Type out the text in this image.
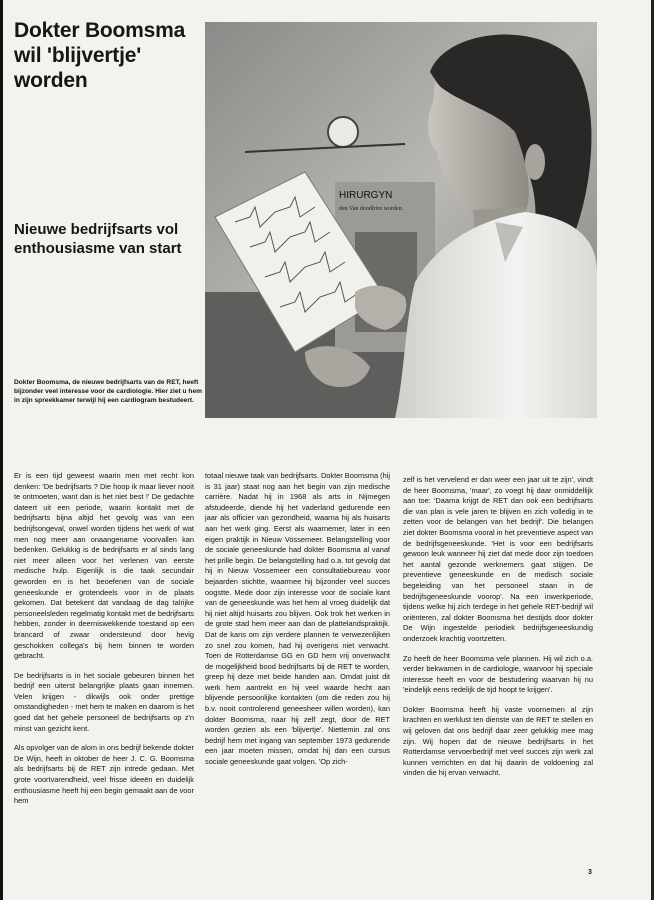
Dokter Boomsma wil 'blijvertje' worden
Nieuwe bedrijfsarts vol enthousiasme van start

Dokter Boomsma, de nieuwe bedrijfsarts van de RET, heeft bijzonder veel interesse voor de cardiologie. Hier ziet u hem in zijn spreekkamer terwijl hij een cardiogram bestudeert.

HIRURGYN
den Van doodfrire worden.

Er is een tijd geweest waarin men met recht kon denken: 'De bedrijfsarts ? Die hoop ik maar liever nooit te ontmoeten, want dan is het niet best !' De gedachte dateert uit een periode, waarin kontakt met de bedrijfsarts bijna altijd het gevolg was van een bedrijfsongeval, onwel worden tijdens het werk of wat men nog meer aan onaangename voorvallen kan bedenken. Gelukkig is de bedrijfsarts er al sinds lang niet meer alleen voor het verlenen van eerste medische hulp. Eigenlijk is die taak secundair geworden en is het beoefenen van de sociale geneeskunde er grotendeels voor in de plaats gekomen. Dat betekent dat vandaag de dag talrijke personeelsleden regelmatig kontakt met de bedrijfsarts hebben, zonder in deerniswekkende toestand op een brancard of zwaar ondersteund door hevig geschokken collega's bij hem binnen te worden gebracht.

De bedrijfsarts is in het sociale gebeuren binnen het bedrijf een uiterst belangrijke plaats gaan innemen. Velen krijgen - dikwijls ook onder prettige omstandigheden - met hem te maken en daarom is het goed dat het gehele personeel de bedrijfsarts op z'n minst van gezicht kent.

Als opvolger van de alom in ons bedrijf bekende dokter De Wijn, heeft in oktober de heer J. C. G. Boomsma als bedrijfsarts bij de RET zijn intrede gedaan. Met grote voortvarendheid, veel frisse ideeën en duidelijk enthousiasme heeft hij een begin gemaakt aan de voor hem

totaal nieuwe taak van bedrijfsarts. Dokter Boomsma (hij is 31 jaar) staat nog aan het begin van zijn medische carrière. Nadat hij in 1968 als arts in Nijmegen afstudeerde, diende hij het vaderland gedurende een jaar als officier van gezondheid, waarna hij als huisarts aan het werk ging. Eerst als waarnemer, later in een eigen praktijk in Nieuw Vossemeer. Belangstelling voor de sociale geneeskunde had dokter Boomsma al vanaf het prille begin. De belangstelling had o.a. tot gevolg dat hij in Nieuw Vossemeer een consultatiebureau voor bejaarden stichtte, waarmee hij bijzonder veel succes oogstte. Mede door zijn interesse voor de sociale kant van de geneeskunde was het hem al vroeg duidelijk dat hij niet altijd huisarts zou blijven. Ook trok het werken in de grote stad hem meer aan dan de plattelandspraktijk. Dat de kans om zijn verdere plannen te verwezenlijken zo snel zou komen, had hij overigens niet verwacht. Toen de Rotterdamse GG en GD hem vrij onverwacht de mogelijkheid bood bedrijfsarts bij de RET te worden, greep hij deze met beide handen aan. Omdat juist dit werk hem aantrekt en hij veel waarde hecht aan blijvende persoonlijke kontakten (om die reden zou hij b.v. nooit controlerend geneesheer willen worden), kan dokter Boomsma, naar hij zelf zegt, door de RET worden gezien als een 'blijvertje'. Niettemin zal ons bedrijf hem met ingang van september 1973 gedurende een jaar moeten missen, omdat hij dan een cursus sociale geneeskunde gaat volgen. 'Op zich-

zelf is het vervelend er dan weer een jaar uit te zijn', vindt de heer Boomsma, 'maar', zo voegt hij daar onmiddellijk aan toe: 'Daarna krijgt de RET dan ook een bedrijfsarts die van plan is vele jaren te blijven en zich volledig in te zetten voor de belangen van het bedrijf'. Die belangen ziet dokter Boomsma vooral in het preventieve aspect van de bedrijfsgeneeskunde. 'Het is voor een bedrijfsarts gewoon leuk wanneer hij ziet dat mede door zijn toedoen het aantal gezonde werknemers gaat stijgen. De preventieve geneeskunde en de medisch sociale begeleiding van het personeel staan in de bedrijfsgeneeskunde voorop'. Na een inwerkperiode, tijdens welke hij zich terdege in het gehele RET-bedrijf wil oriënteren, zal dokter Boomsma het destijds door dokter De Wijn ingestelde periodiek bedrijfsgeneeskundig onderzoek krachtig voortzetten.

Zo heeft de heer Boomsma vele plannen. Hij wil zich o.a. verder bekwamen in de cardiologie, waarvoor hij speciale interesse heeft en voor de bestudering waarvan hij nu 'eindelijk eens redelijk de tijd hoopt te krijgen'.

Dokter Boomsma heeft hij vaste voornemen al zijn krachten en werklust ten dienste van de RET te stellen en wij geloven dat ons bedrijf daar zeer gelukkig mee mag zijn. Wij hopen dat de nieuwe bedrijfsarts in het Rotterdamse vervoerbedrijf met veel succes zijn werk zal kunnen verrichten en dat hij daarin de voldoening zal vinden die hij ervan verwacht.

3
